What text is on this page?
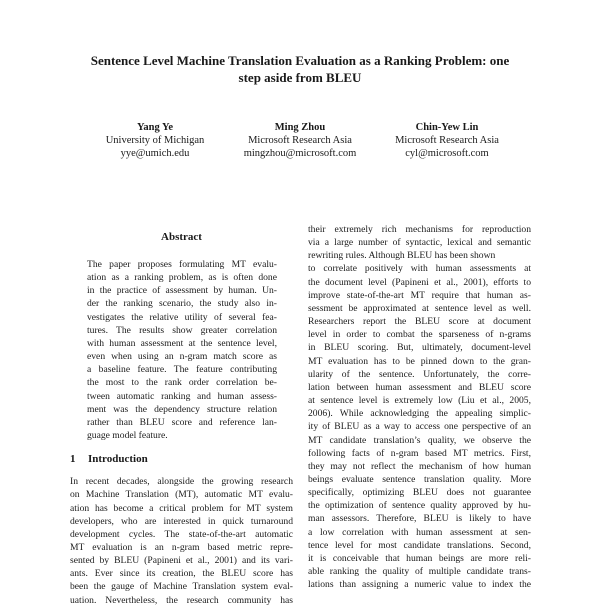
Sentence Level Machine Translation Evaluation as a Ranking Problem: one
step aside from BLEU
Yang Ye
University of Michigan
yye@umich.edu
Ming Zhou
Microsoft Research Asia
mingzhou@microsoft.com
Chin-Yew Lin
Microsoft Research Asia
cyl@microsoft.com
Abstract
The paper proposes formulating MT evalu-
ation as a ranking problem, as is often done
in the practice of assessment by human. Un-
der the ranking scenario, the study also in-
vestigates the relative utility of several fea-
tures. The results show greater correlation
with human assessment at the sentence level,
even when using an n-gram match score as
a baseline feature. The feature contributing
the most to the rank order correlation be-
tween automatic ranking and human assess-
ment was the dependency structure relation
rather than BLEU score and reference lan-
guage model feature.
1 Introduction
In recent decades, alongside the growing research
on Machine Translation (MT), automatic MT evalu-
ation has become a critical problem for MT system
developers, who are interested in quick turnaround
development cycles. The state-of-the-art automatic
MT evaluation is an n-gram based metric repre-
sented by BLEU (Papineni et al., 2001) and its vari-
ants. Ever since its creation, the BLEU score has
been the gauge of Machine Translation system eval-
uation. Nevertheless, the research community has
their extremely rich mechanisms for reproduction
via a large number of syntactic, lexical and semantic
rewriting rules. Although BLEU has been shown
to correlate positively with human assessments at
the document level (Papineni et al., 2001), efforts to
improve state-of-the-art MT require that human as-
sessment be approximated at sentence level as well.
Researchers report the BLEU score at document
level in order to combat the sparseness of n-grams
in BLEU scoring. But, ultimately, document-level
MT evaluation has to be pinned down to the gran-
ularity of the sentence. Unfortunately, the corre-
lation between human assessment and BLEU score
at sentence level is extremely low (Liu et al., 2005,
2006). While acknowledging the appealing simplic-
ity of BLEU as a way to access one perspective of an
MT candidate translation’s quality, we observe the
following facts of n-gram based MT metrics. First,
they may not reflect the mechanism of how human
beings evaluate sentence translation quality. More
specifically, optimizing BLEU does not guarantee
the optimization of sentence quality approved by hu-
man assessors. Therefore, BLEU is likely to have
a low correlation with human assessment at sen-
tence level for most candidate translations. Second,
it is conceivable that human beings are more reli-
able ranking the quality of multiple candidate trans-
lations than assigning a numeric value to index the
